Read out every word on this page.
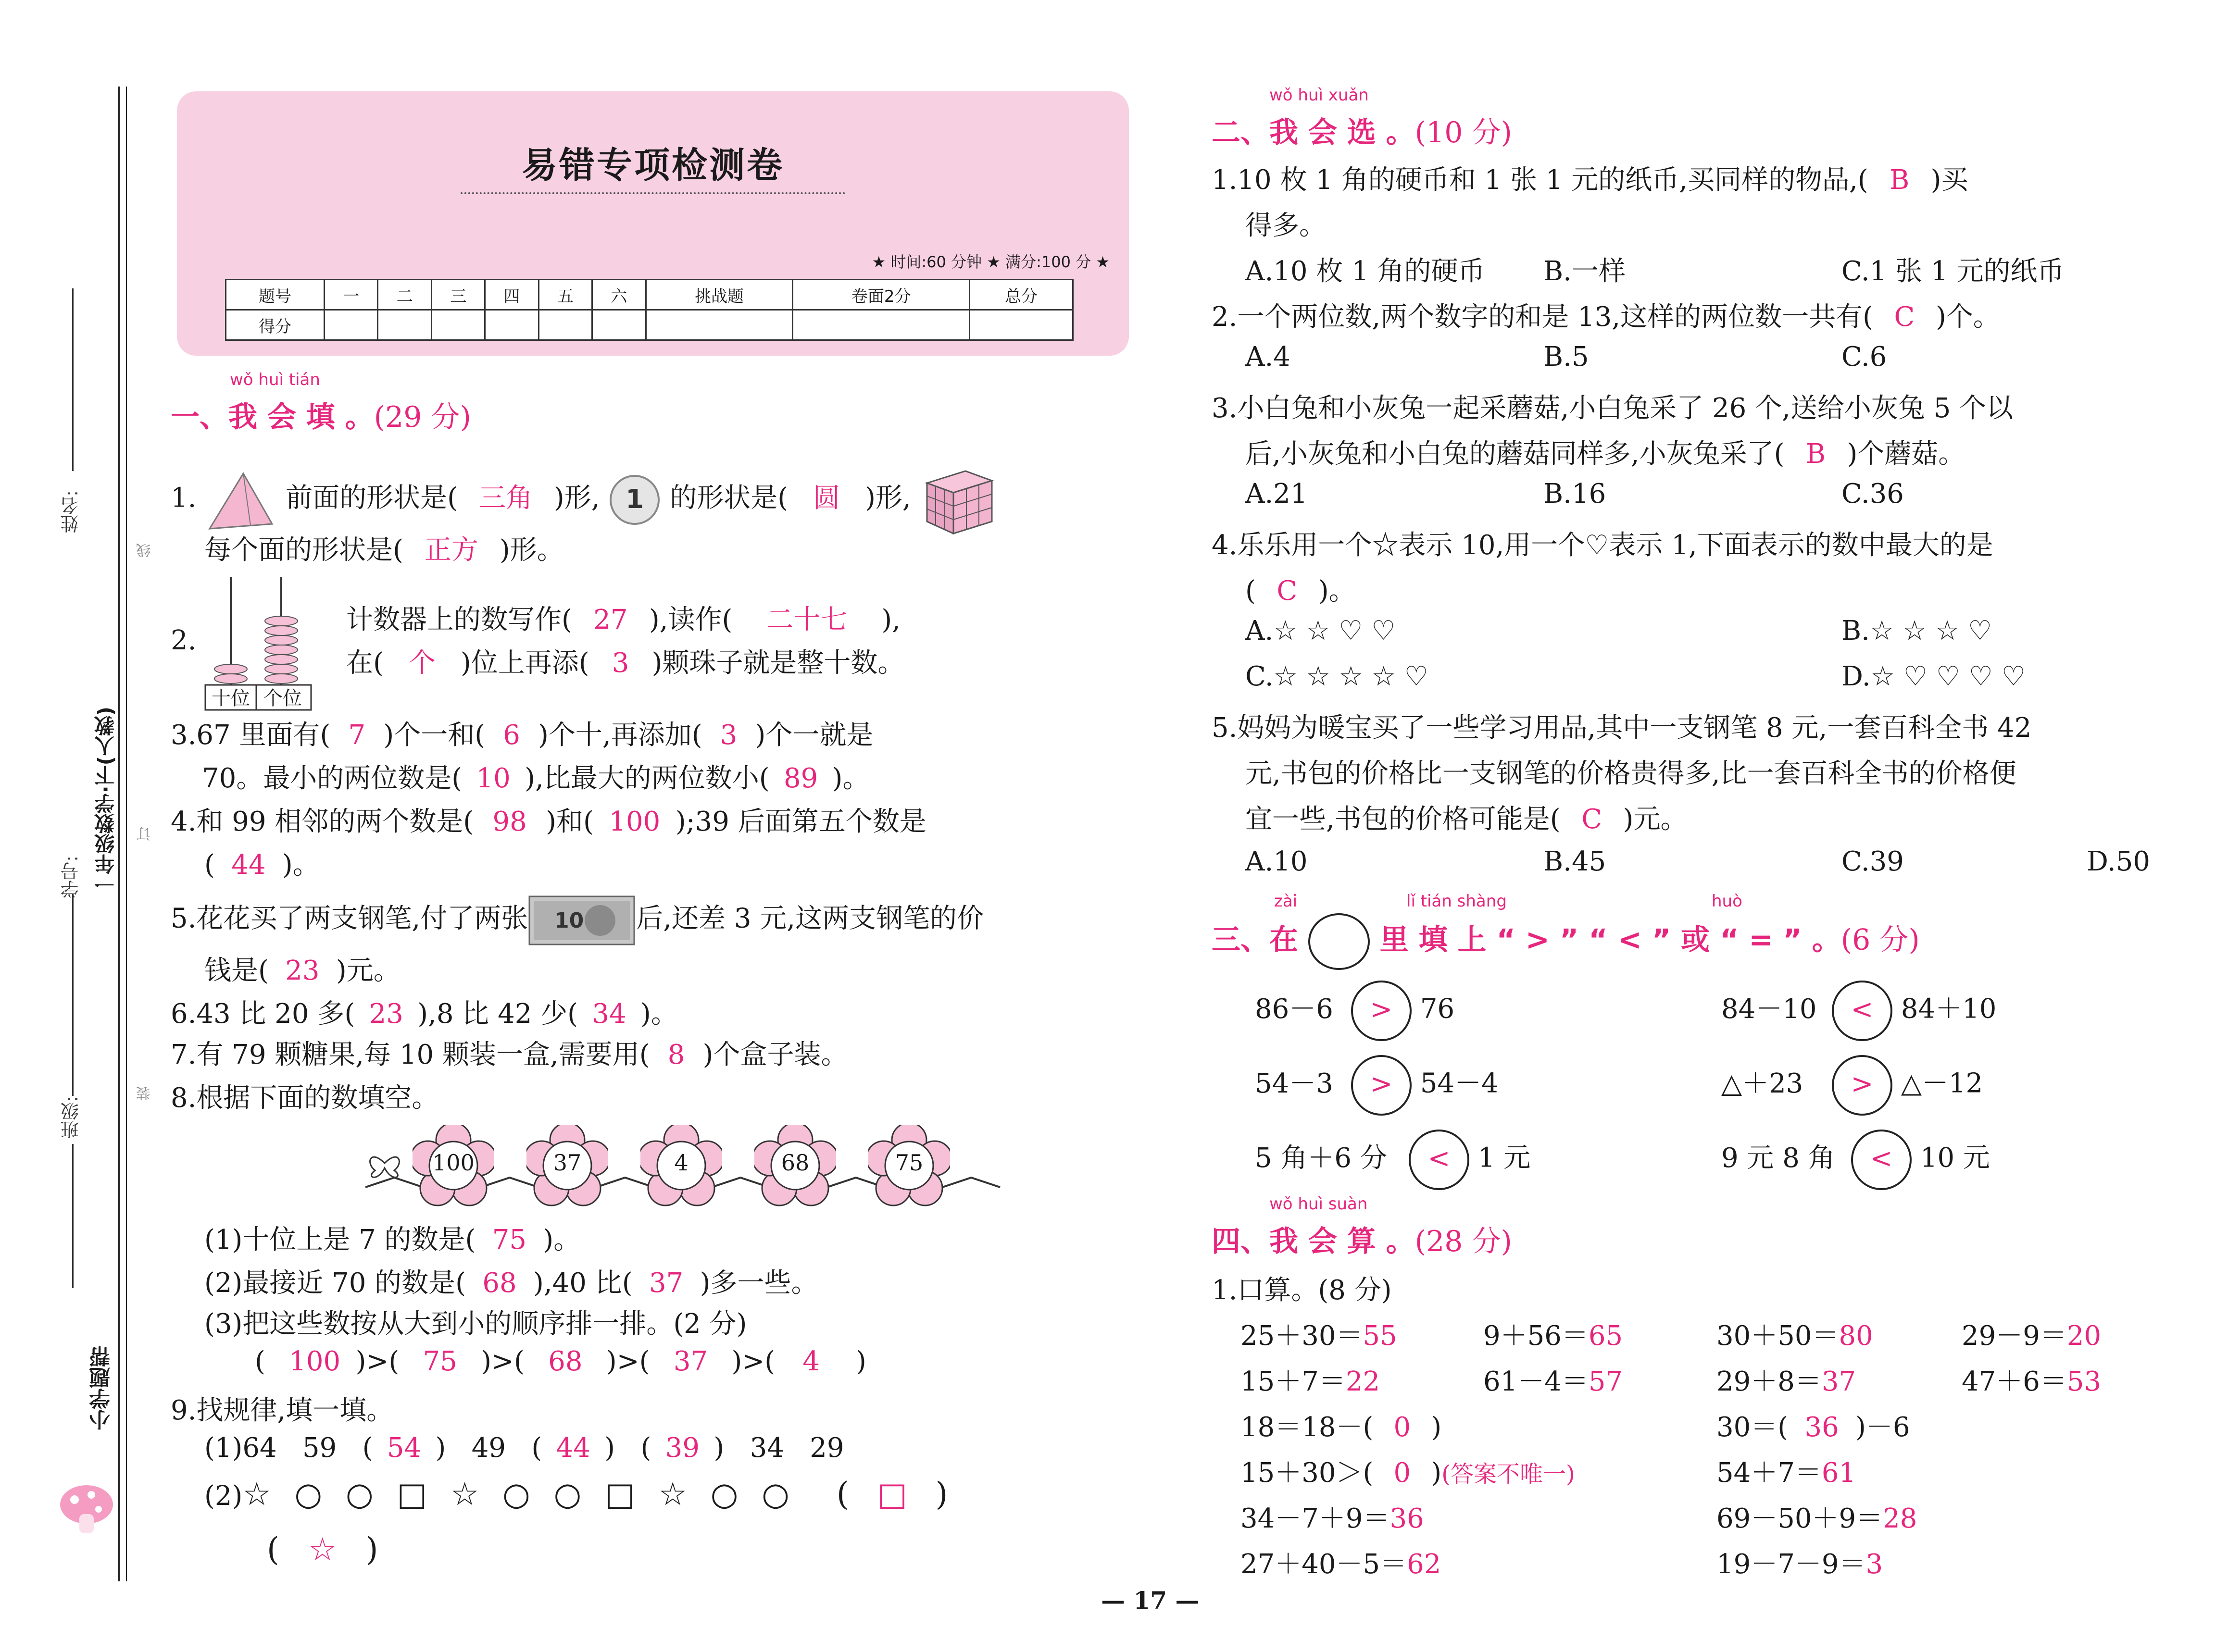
姓名:
学号:
班级:
一年级数学·下(人教)
小学题帮
线
订
装
易错专项检测卷
★ 时间:60 分钟 ★ 满分:100 分 ★
题号	一	二	三	四	五	六	挑战题	卷面2分	总分
得分									
wǒ huì tián
一、我 会 填 。(29 分)
1.	前面的形状是( 三角 )形, 1 的形状是( 圆 )形,
每个面的形状是( 正方 )形。
2.
十位 个位
计数器上的数写作( 27 ),读作( 二十七 ),
在( 个 )位上再添( 3 )颗珠子就是整十数。
3.67 里面有( 7 )个一和( 6 )个十,再添加( 3 )个一就是
70。最小的两位数是( 10 ),比最大的两位数小( 89 )。
4.和 99 相邻的两个数是( 98 )和( 100 );39 后面第五个数是
( 44 )。
5.花花买了两支钢笔,付了两张 10 后,还差 3 元,这两支钢笔的价
钱是( 23 )元。
6.43 比 20 多( 23 ),8 比 42 少( 34 )。
7.有 79 颗糖果,每 10 颗装一盒,需要用( 8 )个盒子装。
8.根据下面的数填空。
100	37	4	68	75
(1)十位上是 7 的数是( 75 )。
(2)最接近 70 的数是( 68 ),40 比( 37 )多一些。
(3)把这些数按从大到小的顺序排一排。(2 分)
( 100 )>( 75 )>( 68 )>( 37 )>( 4 )
9.找规律,填一填。
(1)64   59   ( 54 )   49   ( 44 )   ( 39 )   34   29
(2)☆ ○ ○ □ ☆ ○ ○ □ ☆ ○ ○  ( □ )
( ☆ )
wǒ huì xuǎn
二、我 会 选 。(10 分)
1.10 枚 1 角的硬币和 1 张 1 元的纸币,买同样的物品,( B )买
得多。
A.10 枚 1 角的硬币 B.一样	C.1 张 1 元的纸币
2.一个两位数,两个数字的和是 13,这样的两位数一共有( C )个。
A.4	B.5	C.6
3.小白兔和小灰兔一起采蘑菇,小白兔采了 26 个,送给小灰兔 5 个以
后,小灰兔和小白兔的蘑菇同样多,小灰兔采了( B )个蘑菇。
A.21	B.16	C.36
4.乐乐用一个☆表示 10,用一个♡表示 1,下面表示的数中最大的是
( C )。
A.☆ ☆ ♡ ♡	B.☆ ☆ ☆ ♡
C.☆ ☆ ☆ ☆ ♡	D.☆ ♡ ♡ ♡ ♡
5.妈妈为暖宝买了一些学习用品,其中一支钢笔 8 元,一套百科全书 42
元,书包的价格比一支钢笔的价格贵得多,比一套百科全书的价格便
宜一些,书包的价格可能是( C )元。
A.10	B.45	C.39	D.50
zài	lǐ tián shàng	huò
三、在	里 填 上 “ > ” “ < ” 或 “ = ” 。(6 分)
86－6 > 76	84－10 < 84＋10
54－3 > 54－4	△＋23 > △－12
5 角＋6 分 < 1 元	9 元 8 角 < 10 元
wǒ huì suàn
四、我 会 算 。(28 分)
1.口算。(8 分)
25＋30＝55	9＋56＝65	30＋50＝80	29－9＝20
15＋7＝22	61－4＝57	29＋8＝37	47＋6＝53
18＝18－( 0 )	30＝( 36 )－6
15＋30＞( 0 )(答案不唯一)	54＋7＝61
34－7＋9＝36	69－50＋9＝28
27＋40－5＝62	19－7－9＝3
— 17 —
